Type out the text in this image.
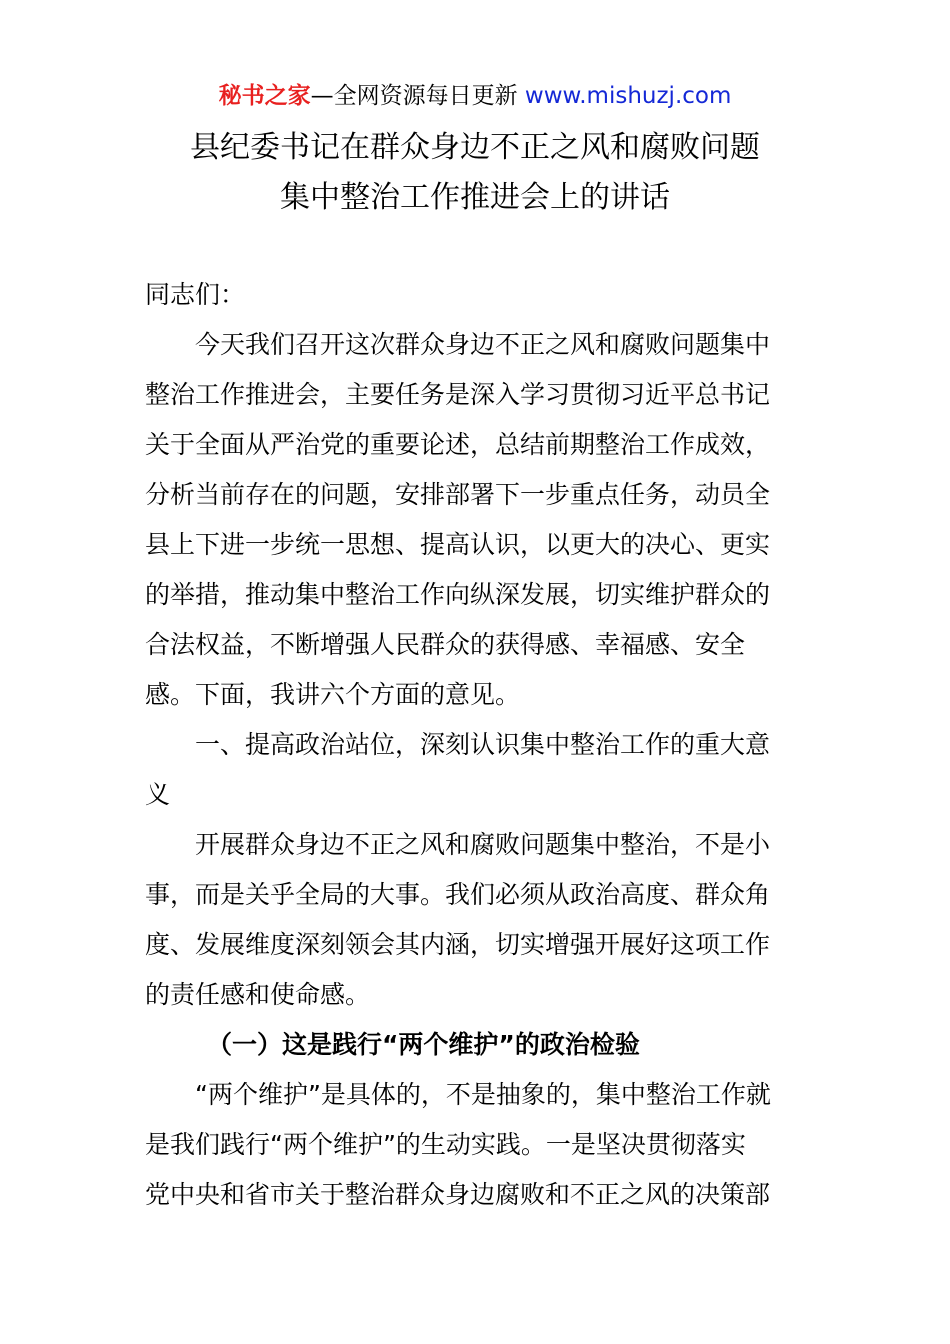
秘书之家—全网资源每日更新 www.mishuzj.com
县纪委书记在群众身边不正之风和腐败问题
集中整治工作推进会上的讲话
同志们：
今天我们召开这次群众身边不正之风和腐败问题集中
整治工作推进会，主要任务是深入学习贯彻习近平总书记
关于全面从严治党的重要论述，总结前期整治工作成效，
分析当前存在的问题，安排部署下一步重点任务，动员全
县上下进一步统一思想、提高认识，以更大的决心、更实
的举措，推动集中整治工作向纵深发展，切实维护群众的
合法权益，不断增强人民群众的获得感、幸福感、安全
感。下面，我讲六个方面的意见。
一、提高政治站位，深刻认识集中整治工作的重大意
义
开展群众身边不正之风和腐败问题集中整治，不是小
事，而是关乎全局的大事。我们必须从政治高度、群众角
度、发展维度深刻领会其内涵，切实增强开展好这项工作
的责任感和使命感。
（一）这是践行“两个维护”的政治检验
“两个维护”是具体的，不是抽象的，集中整治工作就
是我们践行“两个维护”的生动实践。一是坚决贯彻落实
党中央和省市关于整治群众身边腐败和不正之风的决策部
